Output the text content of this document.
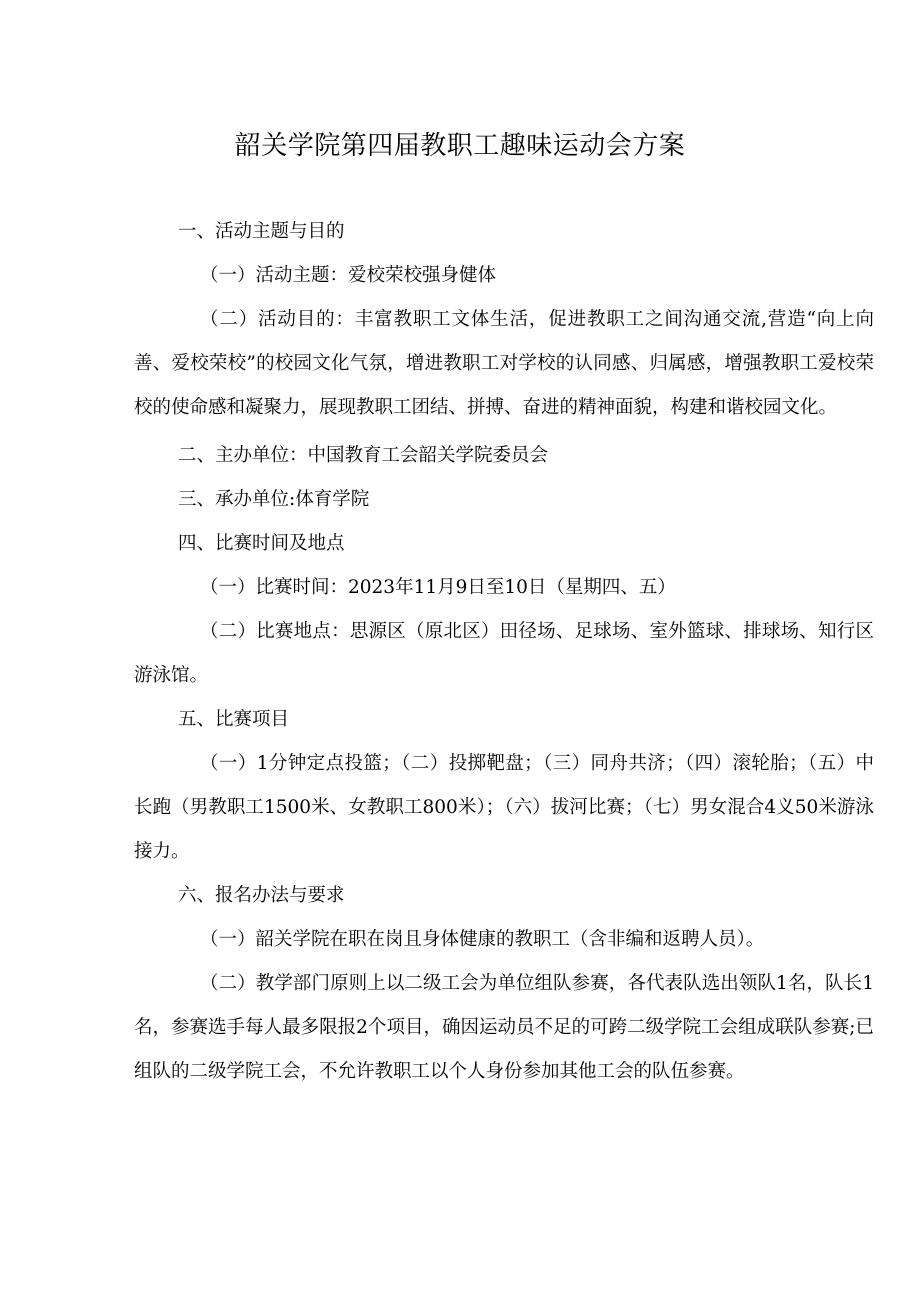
韶关学院第四届教职工趣味运动会方案

一、活动主题与目的

（一）活动主题：爱校荣校强身健体

（二）活动目的：丰富教职工文体生活，促进教职工之间沟通交流,营造“向上向善、爱校荣校”的校园文化气氛，增进教职工对学校的认同感、归属感，增强教职工爱校荣校的使命感和凝聚力，展现教职工团结、拼搏、奋进的精神面貌，构建和谐校园文化。

二、主办单位：中国教育工会韶关学院委员会

三、承办单位:体育学院

四、比赛时间及地点

（一）比赛时间：2023年11月9日至10日（星期四、五）

（二）比赛地点：思源区（原北区）田径场、足球场、室外篮球、排球场、知行区游泳馆。

五、比赛项目

（一）1分钟定点投篮；（二）投掷靶盘；（三）同舟共济；（四）滚轮胎；（五）中长跑（男教职工1500米、女教职工800米）；（六）拔河比赛；（七）男女混合4义50米游泳接力。

六、报名办法与要求

（一）韶关学院在职在岗且身体健康的教职工（含非编和返聘人员）。

（二）教学部门原则上以二级工会为单位组队参赛，各代表队选出领队1名，队长1名，参赛选手每人最多限报2个项目，确因运动员不足的可跨二级学院工会组成联队参赛;已组队的二级学院工会，不允许教职工以个人身份参加其他工会的队伍参赛。
